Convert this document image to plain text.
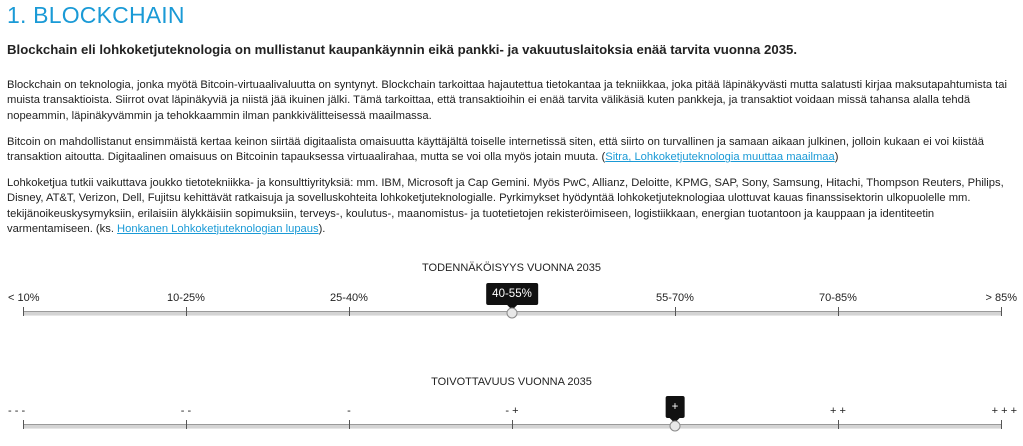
1. BLOCKCHAIN

Blockchain eli lohkoketjuteknologia on mullistanut kaupankäynnin eikä pankki- ja vakuutuslaitoksia enää tarvita vuonna 2035.

Blockchain on teknologia, jonka myötä Bitcoin-virtuaalivaluutta on syntynyt. Blockchain tarkoittaa hajautettua tietokantaa ja tekniikkaa, joka pitää läpinäkyvästi mutta salatusti kirjaa maksutapahtumista tai muista transaktioista. Siirrot ovat läpinäkyviä ja niistä jää ikuinen jälki. Tämä tarkoittaa, että transaktioihin ei enää tarvita välikäsiä kuten pankkeja, ja transaktiot voidaan missä tahansa alalla tehdä nopeammin, läpinäkyvämmin ja tehokkaammin ilman pankkivälitteisessä maailmassa.

Bitcoin on mahdollistanut ensimmäistä kertaa keinon siirtää digitaalista omaisuutta käyttäjältä toiselle internetissä siten, että siirto on turvallinen ja samaan aikaan julkinen, jolloin kukaan ei voi kiistää transaktion aitoutta. Digitaalinen omaisuus on Bitcoinin tapauksessa virtuaalirahaa, mutta se voi olla myös jotain muuta. (Sitra, Lohkoketjuteknologia muuttaa maailmaa)

Lohkoketjua tutkii vaikuttava joukko tietotekniikka- ja konsulttiyrityksiä: mm. IBM, Microsoft ja Cap Gemini. Myös PwC, Allianz, Deloitte, KPMG, SAP, Sony, Samsung, Hitachi, Thompson Reuters, Philips, Disney, AT&T, Verizon, Dell, Fujitsu kehittävät ratkaisuja ja sovelluskohteita lohkoketjuteknologialle. Pyrkimykset hyödyntää lohkoketjuteknologiaa ulottuvat kauas finanssisektorin ulkopuolelle mm. tekijänoikeuskysymyksiin, erilaisiin älykkäisiin sopimuksiin, terveys-, koulutus-, maanomistus- ja tuotetietojen rekisteröimiseen, logistiikkaan, energian tuotantoon ja kauppaan ja identiteetin varmentamiseen. (ks. Honkanen Lohkoketjuteknologian lupaus).

TODENNÄKÖISYYS VUONNA 2035

< 10%	10-25%	25-40%	55-70%	70-85%	> 85%
40-55%

TOIVOTTAVUUS VUONNA 2035

- - -	- -	-	- +	+ +	+ + +
+
